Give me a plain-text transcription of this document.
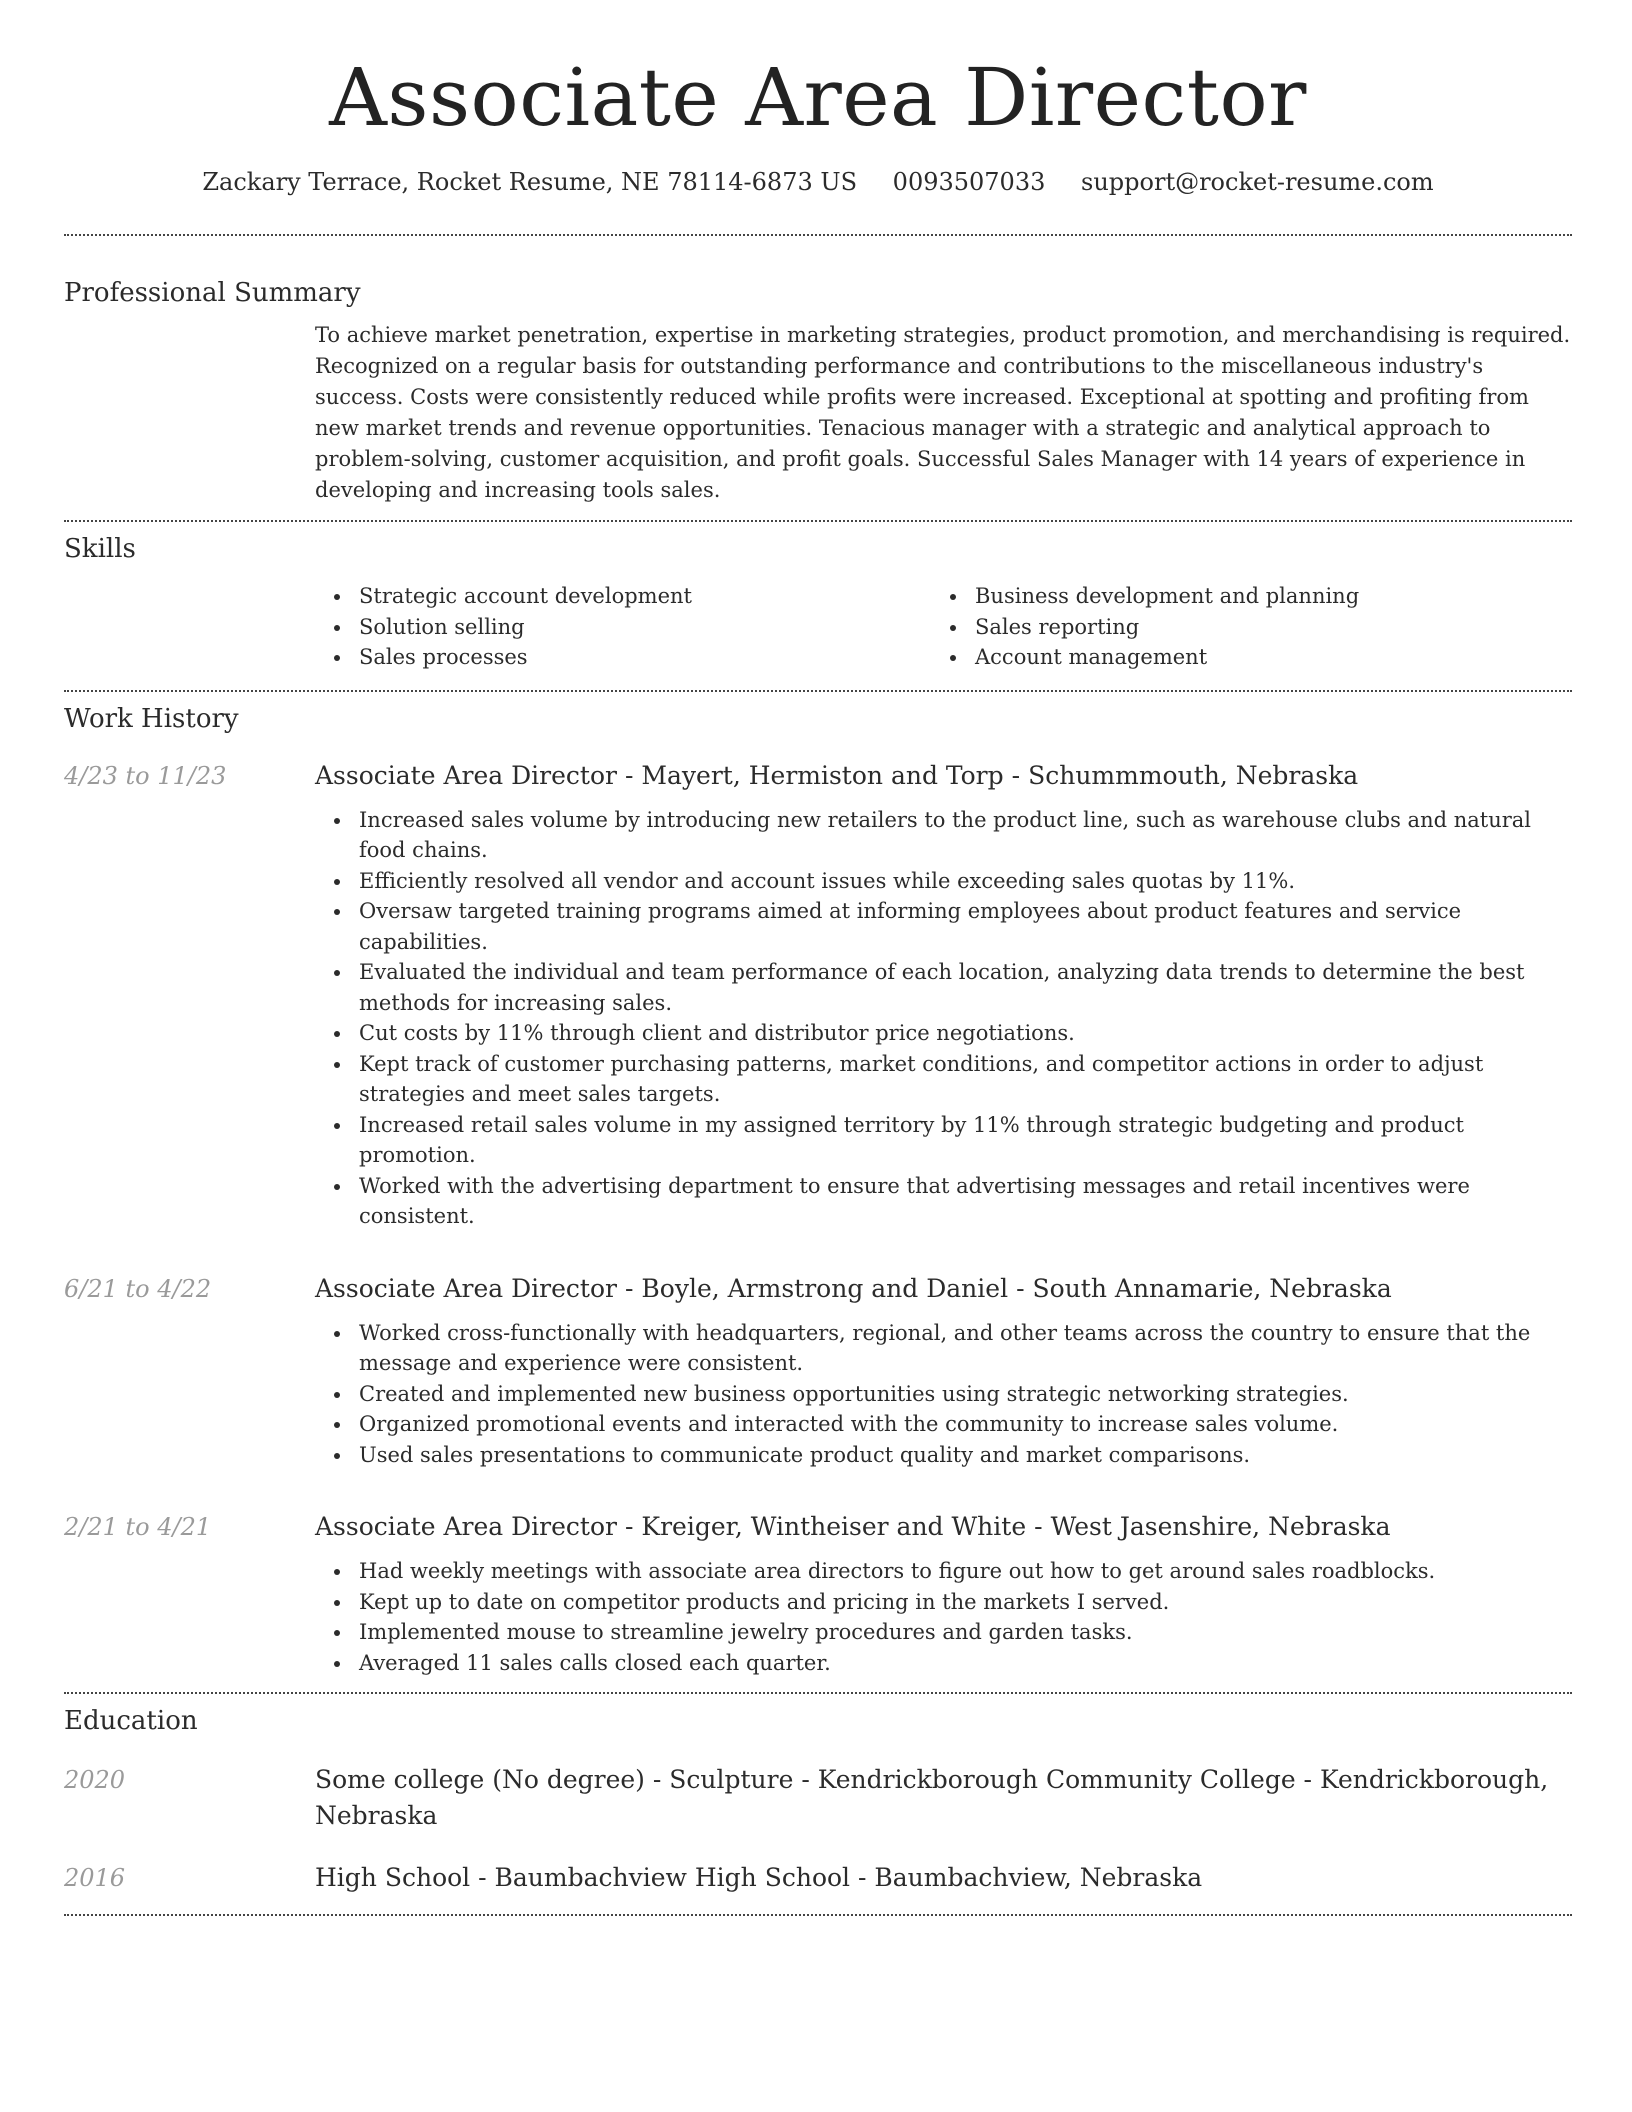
Associate Area Director
Zackary Terrace, Rocket Resume, NE 78114-6873 US 0093507033 support@rocket-resume.com
Professional Summary
To achieve market penetration, expertise in marketing strategies, product promotion, and merchandising is required. Recognized on a regular basis for outstanding performance and contributions to the miscellaneous industry's success. Costs were consistently reduced while profits were increased. Exceptional at spotting and profiting from new market trends and revenue opportunities. Tenacious manager with a strategic and analytical approach to problem-solving, customer acquisition, and profit goals. Successful Sales Manager with 14 years of experience in developing and increasing tools sales.
Skills
Strategic account development
Solution selling
Sales processes
Business development and planning
Sales reporting
Account management
Work History
4/23 to 11/23	Associate Area Director - Mayert, Hermiston and Torp - Schummmouth, Nebraska
Increased sales volume by introducing new retailers to the product line, such as warehouse clubs and natural food chains.
Efficiently resolved all vendor and account issues while exceeding sales quotas by 11%.
Oversaw targeted training programs aimed at informing employees about product features and service capabilities.
Evaluated the individual and team performance of each location, analyzing data trends to determine the best methods for increasing sales.
Cut costs by 11% through client and distributor price negotiations.
Kept track of customer purchasing patterns, market conditions, and competitor actions in order to adjust strategies and meet sales targets.
Increased retail sales volume in my assigned territory by 11% through strategic budgeting and product promotion.
Worked with the advertising department to ensure that advertising messages and retail incentives were consistent.
6/21 to 4/22	Associate Area Director - Boyle, Armstrong and Daniel - South Annamarie, Nebraska
Worked cross-functionally with headquarters, regional, and other teams across the country to ensure that the message and experience were consistent.
Created and implemented new business opportunities using strategic networking strategies.
Organized promotional events and interacted with the community to increase sales volume.
Used sales presentations to communicate product quality and market comparisons.
2/21 to 4/21	Associate Area Director - Kreiger, Wintheiser and White - West Jasenshire, Nebraska
Had weekly meetings with associate area directors to figure out how to get around sales roadblocks.
Kept up to date on competitor products and pricing in the markets I served.
Implemented mouse to streamline jewelry procedures and garden tasks.
Averaged 11 sales calls closed each quarter.
Education
2020	Some college (No degree) - Sculpture - Kendrickborough Community College - Kendrickborough, Nebraska
2016	High School - Baumbachview High School - Baumbachview, Nebraska
